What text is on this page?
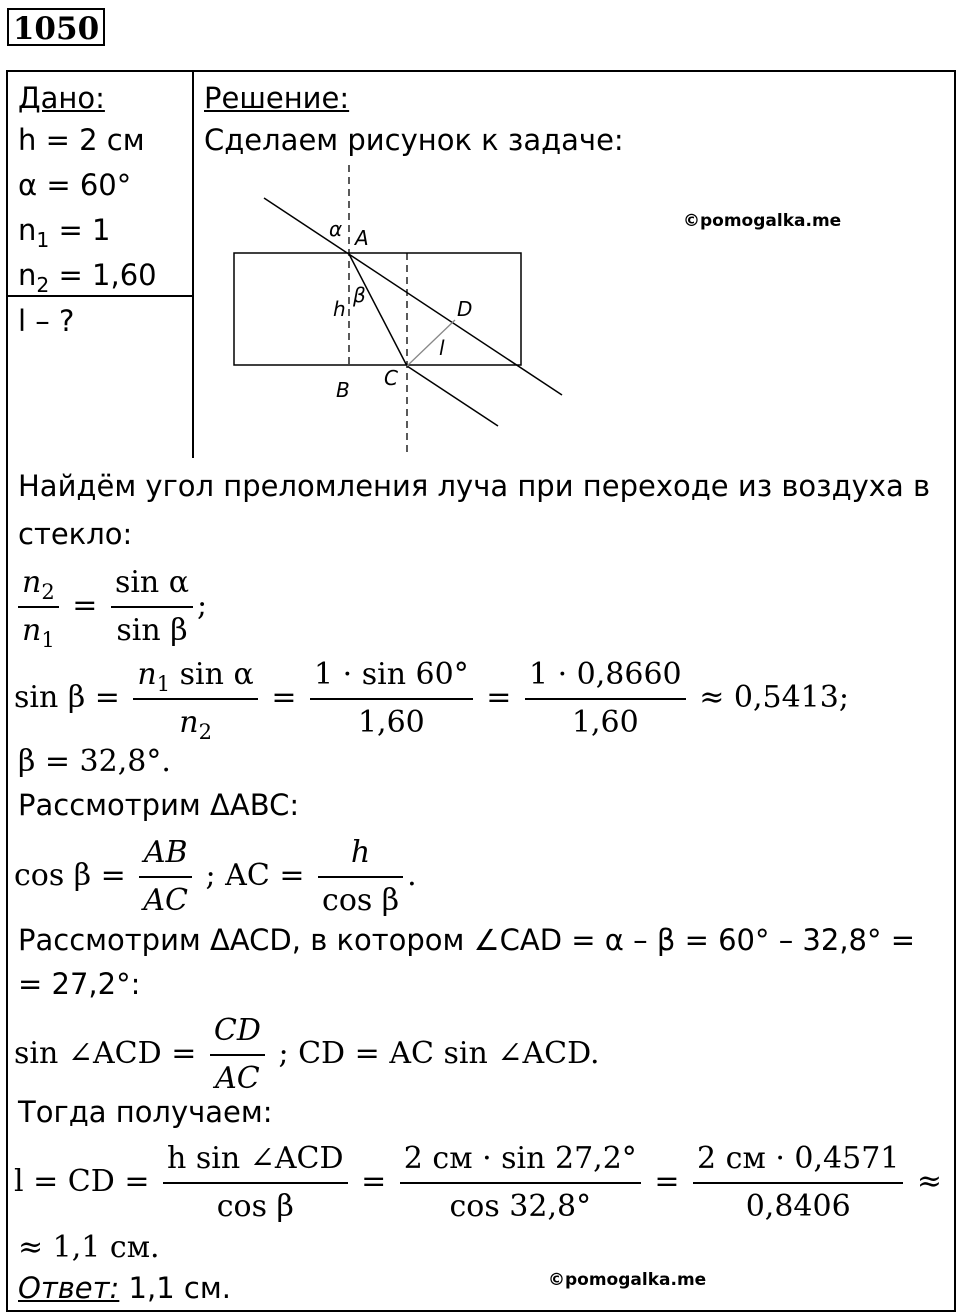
1050
Дано:
h = 2 см
α = 60°
$n_1 = 1$
$n_2 = 1,60$
l – ?
Решение:
Сделаем рисунок к задаче:
©pomogalka.me
α A
β
h	D
l
B C
Найдём угол преломления луча при переходе из воздуха в
стекло:
$\frac{n_2}{n_1} = \frac{\text{sin α}}{\text{sin β}}$ ;
$\sin \beta = \frac{n_1 \sin \alpha}{n_2} = \frac{1 \cdot \sin 60^\circ}{1,60} = \frac{1 \cdot 0,8660}{1,60} \approx 0,5413$;
β = 32,8°.
Рассмотрим ΔABC:
$\cos \beta = \frac{AB}{AC}$ ; AC = $\frac{h}{\text{cos β}}$ .
Рассмотрим ΔACD, в котором ∠CAD = α – β = 60° – 32,8° =
= 27,2°:
sin ∠ACD = $\frac{CD}{AC}$ ; CD = AC sin ∠ACD.
Тогда получаем:
l = CD = $\frac{\text{h sin ∠ACD}}{\text{cos β}} = \frac{2 см \cdot \sin 27,2^\circ}{\cos 32,8^\circ} = \frac{2 см \cdot 0,4571}{0,8406}$ ≈
≈ 1,1 см.
Ответ: 1,1 см.	©pomogalka.me
